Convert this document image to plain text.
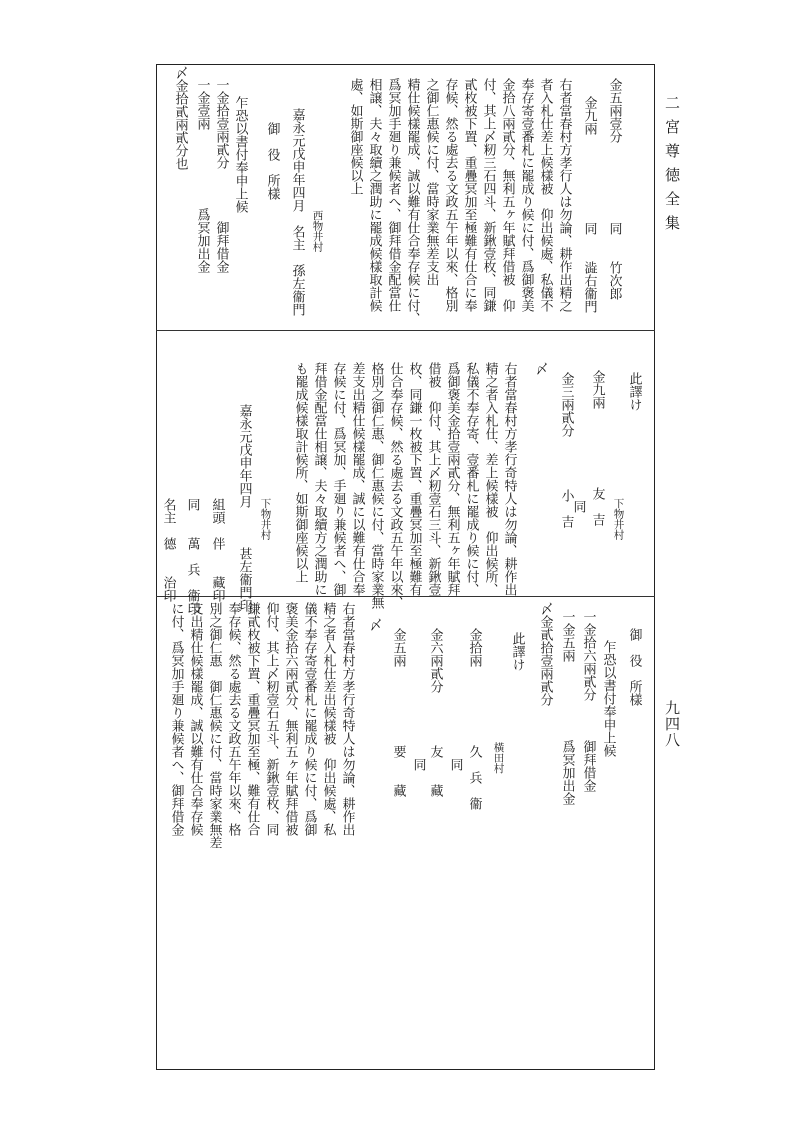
二宮尊徳全集
九四八
金五兩壹分
同　　竹次郎
金九兩
同　　澁右衞門
右者當春村方孝行人は勿論、耕作出精之
者入札仕差上候樣被　仰出候處、私儀不
奉存寄壹番札に罷成り候に付、爲御褒美
金拾八兩貳分、無利五ヶ年賦拜借被　仰
付、其上〆籾三石四斗、新鍬壹枚、同鎌
貳枚被下置、重疊冥加至極難有仕合に奉
存候、然る處去る文政五午年以來、格別
之御仁惠候に付、當時家業無差支出
精仕候樣罷成、誠以難有仕合奉存候に付、
爲冥加手廻り兼候者へ、御拜借金配當仕
相譲、夫々取續之潤助に罷成候樣取計候
處、如斯御座候以上
西物井村
嘉永元戊申年四月　名主　孫左衞門
御　役　所樣
乍恐以書付奉申上候
一金拾壹兩貳分　　　　御拜借金
一金壹兩　　　　　　爲冥加出金
〆金拾貳兩貳分也
此譯け
下物井村
金九兩　　　　　　友　吉
同
金三兩貳分　　　　小　吉
〆
右者當春村方孝行奇特人は勿論、耕作出
精之者入札仕、差上候樣被　仰出候所、
私儀不奉存寄、壹番札に罷成り候に付、
爲御褒美金拾壹兩貳分、無利五ヶ年賦拜
借被　仰付、其上〆籾壹石三斗、新鍬壹
枚、同鎌一枚被下置、重疊冥加至極難有
仕合奉存候、然る處去る文政五午年以來、
格別之御仁惠、御仁惠候に付、當時家業無
差支出精仕候樣罷成、誠に以難有仕合奉
存候に付、爲冥加、手廻り兼候者へ、御
拜借金配當仕相譲、夫々取續方之潤助に
も罷成候樣取計候所、如斯御座候以上
下物井村
嘉永元戊申年四月　　　甚左衞門印
組頭　伴　　藏印
同　　萬　兵　衞印
名主　德　　治印
御　役　所樣
乍恐以書付奉申上候
一金拾六兩貳分　　　御拜借金
一金五兩　　　　　　爲冥加出金
〆金貳拾壹兩貳分
此譯け
橫田村
金拾兩　　　　　　久　兵　衞
同
金六兩貳分　　　　友　　藏
同
金五兩　　　　　　要　　藏
〆
右者當春村方孝行奇特人は勿論、耕作出
精之者入札仕差出候樣被　仰出候處、私
儀不奉存寄壹番札に罷成り候に付、爲御
褒美金拾六兩貳分、無利五ヶ年賦拜借被
仰付、其上〆籾壹石五斗、新鍬壹枚、同
鎌貳枚被下置、重疊冥加至極、難有仕合
奉存候、然る處去る文政五午年以來、格
別之御仁惠　御仁惠候に付、當時家業無差
支出精仕候樣罷成、誠以難有仕合奉存候
に付、爲冥加手廻り兼候者へ、御拜借金
